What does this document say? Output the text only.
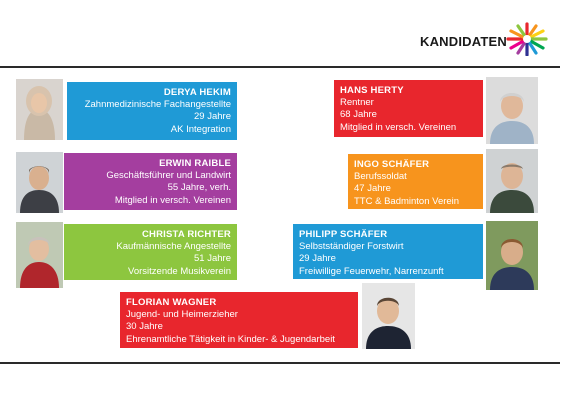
KANDIDATEN
DERYA HEKIM
Zahnmedizinische Fachangestellte
29 Jahre
AK Integration
ERWIN RAIBLE
Geschäftsführer und Landwirt
55 Jahre, verh.
Mitglied in versch. Vereinen
CHRISTA RICHTER
Kaufmännische Angestellte
51 Jahre
Vorsitzende Musikverein
HANS HERTY
Rentner
68 Jahre
Mitglied in versch. Vereinen
INGO SCHÄFER
Berufssoldat
47 Jahre
TTC & Badminton Verein
PHILIPP SCHÄFER
Selbstständiger Forstwirt
29 Jahre
Freiwillige Feuerwehr, Narrenzunft
FLORIAN WAGNER
Jugend- und Heimerzieher
30 Jahre
Ehrenamtliche Tätigkeit in Kinder- & Jugendarbeit
